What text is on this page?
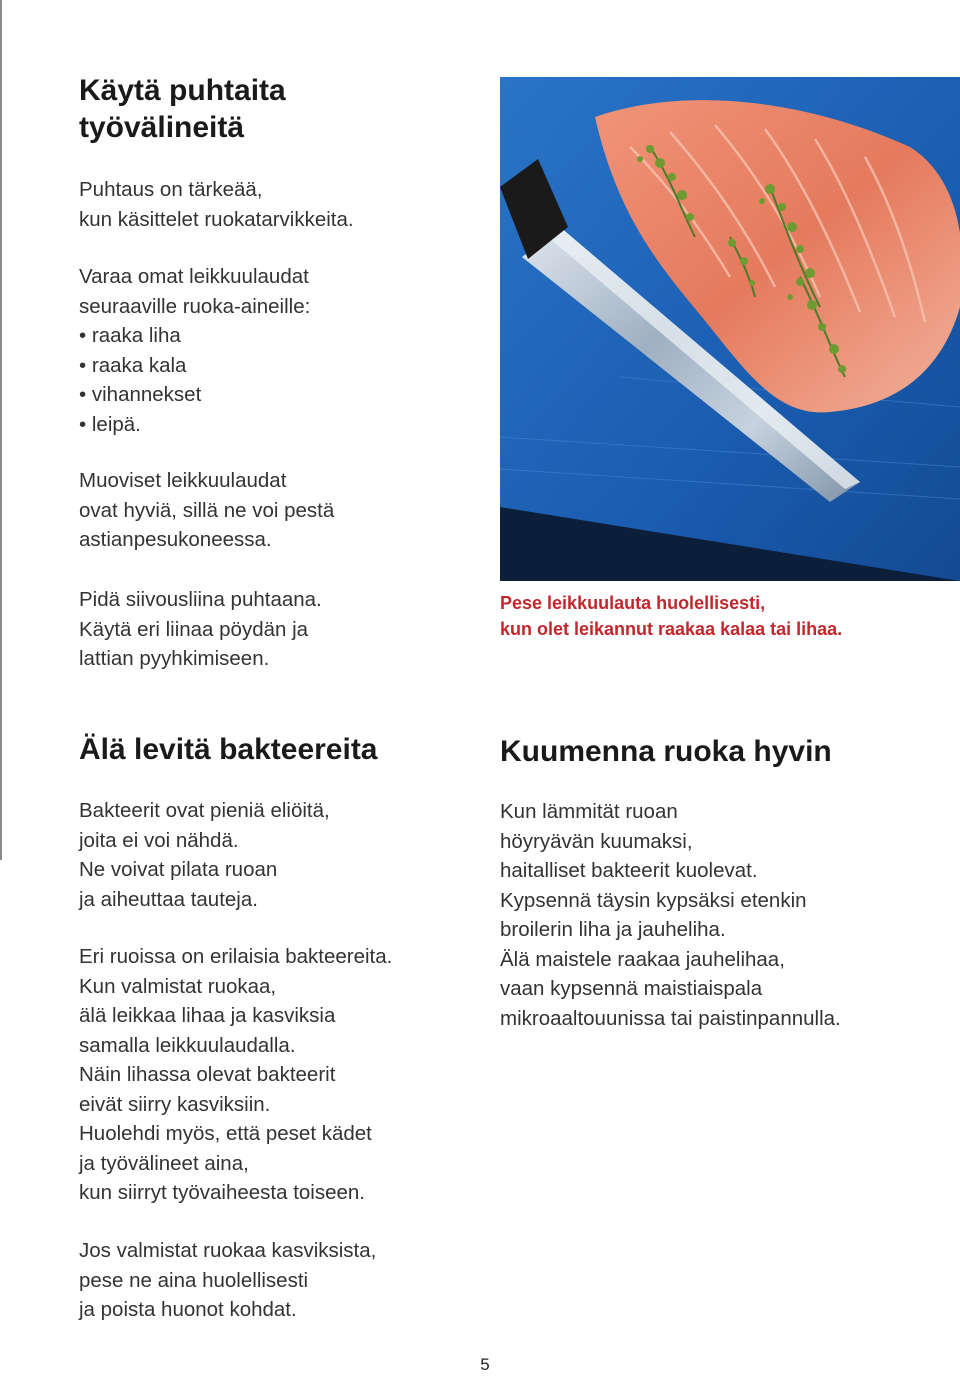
Käytä puhtaita työvälineitä
Puhtaus on tärkeää,
kun käsittelet ruokatarvikkeita.
Varaa omat leikkuulaudat
seuraaville ruoka-aineille:
• raaka liha
• raaka kala
• vihannekset
• leipä.
Muoviset leikkuulaudat
ovat hyviä, sillä ne voi pestä
astianpesukoneessa.
Pidä siivousliina puhtaana.
Käytä eri liinaa pöydän ja
lattian pyyhkimiseen.

Pese leikkuulauta huolellisesti,
kun olet leikannut raakaa kalaa tai lihaa.

Älä levitä bakteereita
Bakteerit ovat pieniä eliöitä,
joita ei voi nähdä.
Ne voivat pilata ruoan
ja aiheuttaa tauteja.
Eri ruoissa on erilaisia bakteereita.
Kun valmistat ruokaa,
älä leikkaa lihaa ja kasviksia
samalla leikkuulaudalla.
Näin lihassa olevat bakteerit
eivät siirry kasviksiin.
Huolehdi myös, että peset kädet
ja työvälineet aina,
kun siirryt työvaiheesta toiseen.
Jos valmistat ruokaa kasviksista,
pese ne aina huolellisesti
ja poista huonot kohdat.
Kuumenna ruoka hyvin
Kun lämmität ruoan
höyryävän kuumaksi,
haitalliset bakteerit kuolevat.
Kypsennä täysin kypsäksi etenkin
broilerin liha ja jauheliha.
Älä maistele raakaa jauhelihaa,
vaan kypsennä maistiaispala
mikroaaltouunissa tai paistinpannulla.
5
